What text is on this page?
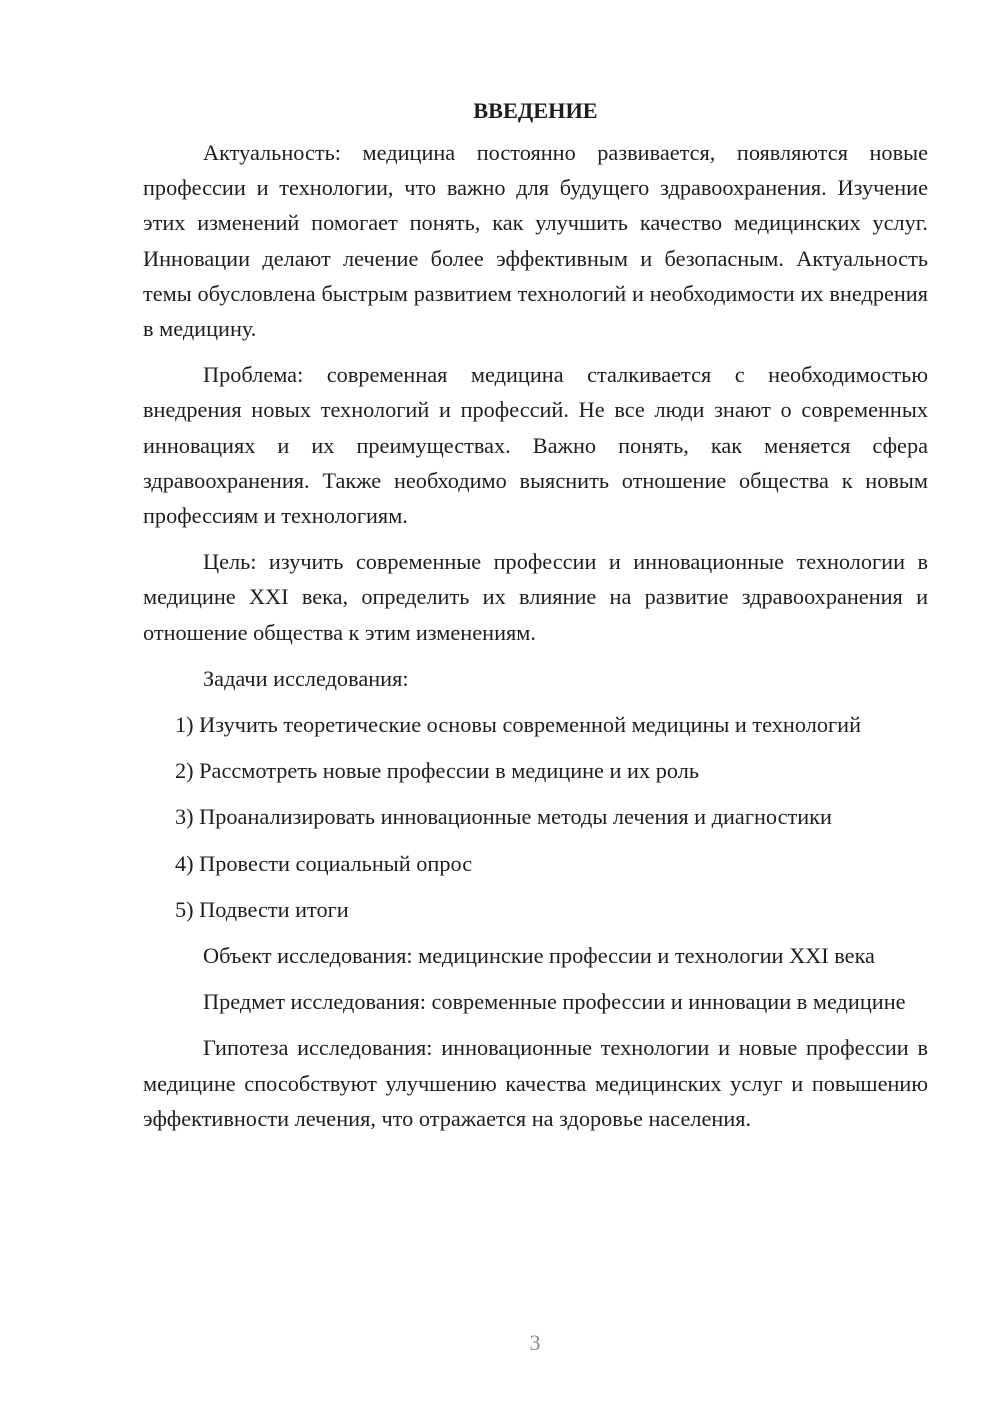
ВВЕДЕНИЕ

Актуальность: медицина постоянно развивается, появляются новые профессии и технологии, что важно для будущего здравоохранения. Изучение этих изменений помогает понять, как улучшить качество медицинских услуг. Инновации делают лечение более эффективным и безопасным. Актуальность темы обусловлена быстрым развитием технологий и необходимости их внедрения в медицину.

Проблема: современная медицина сталкивается с необходимостью внедрения новых технологий и профессий. Не все люди знают о современных инновациях и их преимуществах. Важно понять, как меняется сфера здравоохранения. Также необходимо выяснить отношение общества к новым профессиям и технологиям.

Цель: изучить современные профессии и инновационные технологии в медицине XXI века, определить их влияние на развитие здравоохранения и отношение общества к этим изменениям.

Задачи исследования:

1) Изучить теоретические основы современной медицины и технологий

2) Рассмотреть новые профессии в медицине и их роль

3) Проанализировать инновационные методы лечения и диагностики

4) Провести социальный опрос

5) Подвести итоги

Объект исследования: медицинские профессии и технологии XXI века

Предмет исследования: современные профессии и инновации в медицине

Гипотеза исследования: инновационные технологии и новые профессии в медицине способствуют улучшению качества медицинских услуг и повышению эффективности лечения, что отражается на здоровье населения.

3
